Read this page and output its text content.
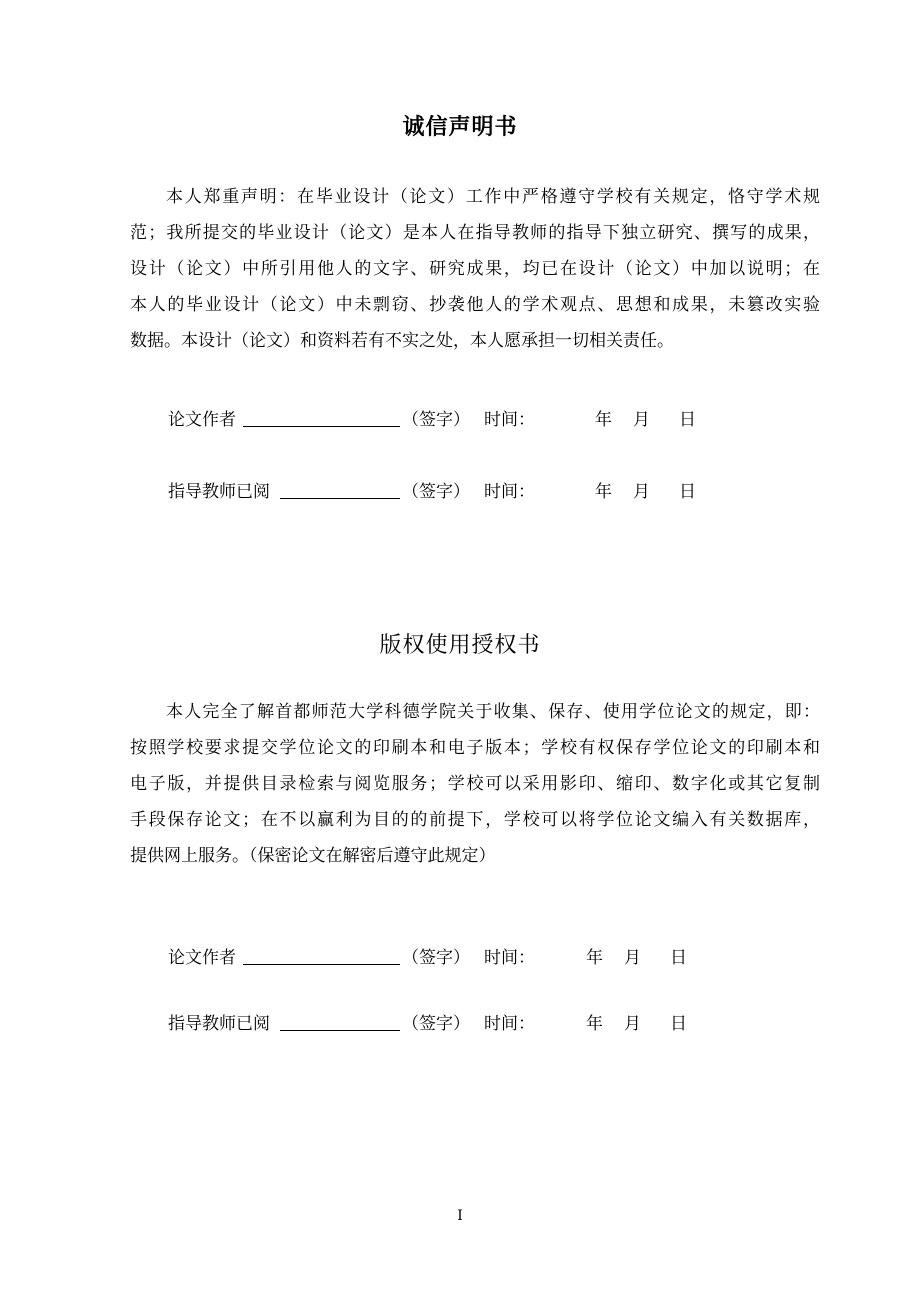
诚信声明书
本人郑重声明：在毕业设计（论文）工作中严格遵守学校有关规定，恪守学术规
范；我所提交的毕业设计（论文）是本人在指导教师的指导下独立研究、撰写的成果，
设计（论文）中所引用他人的文字、研究成果，均已在设计（论文）中加以说明；在
本人的毕业设计（论文）中未剽窃、抄袭他人的学术观点、思想和成果，未篡改实验
数据。本设计（论文）和资料若有不实之处，本人愿承担一切相关责任。
论文作者	（签字） 时间：	年 月 日
指导教师已阅	（签字） 时间：	年 月 日
版权使用授权书
本人完全了解首都师范大学科德学院关于收集、保存、使用学位论文的规定，即：
按照学校要求提交学位论文的印刷本和电子版本；学校有权保存学位论文的印刷本和
电子版，并提供目录检索与阅览服务；学校可以采用影印、缩印、数字化或其它复制
手段保存论文；在不以赢利为目的的前提下，学校可以将学位论文编入有关数据库，
提供网上服务。（保密论文在解密后遵守此规定）
论文作者	（签字） 时间：	年 月 日
指导教师已阅	（签字） 时间：	年 月 日
I
